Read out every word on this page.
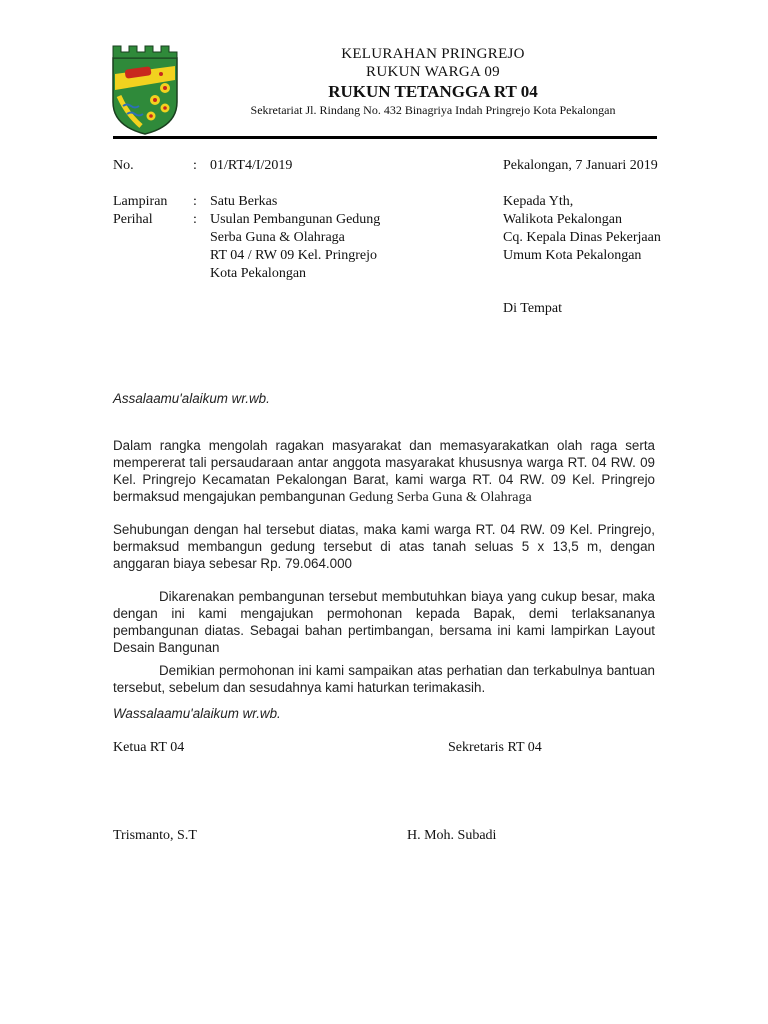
KELURAHAN PRINGREJO
RUKUN WARGA 09
RUKUN TETANGGA RT 04
Sekretariat Jl. Rindang No. 432 Binagriya Indah Pringrejo Kota Pekalongan
No.	: 01/RT4/I/2019	Pekalongan, 7 Januari 2019
Lampiran : Satu Berkas
Perihal	: Usulan Pembangunan Gedung
Serba Guna & Olahraga
RT 04 / RW 09 Kel. Pringrejo
Kota Pekalongan
Kepada Yth,
Walikota Pekalongan
Cq. Kepala Dinas Pekerjaan
Umum Kota Pekalongan
Di Tempat
Assalaamu'alaikum wr.wb.
Dalam rangka mengolah ragakan masyarakat dan memasyarakatkan olah raga serta mempererat tali persaudaraan antar anggota masyarakat khususnya warga RT. 04 RW. 09 Kel. Pringrejo Kecamatan Pekalongan Barat, kami warga RT. 04 RW. 09 Kel. Pringrejo bermaksud mengajukan pembangunan Gedung Serba Guna & Olahraga
Sehubungan dengan hal tersebut diatas, maka kami warga RT. 04 RW. 09 Kel. Pringrejo, bermaksud membangun gedung tersebut di atas tanah seluas 5 x 13,5 m, dengan anggaran biaya sebesar Rp. 79.064.000
Dikarenakan pembangunan tersebut membutuhkan biaya yang cukup besar, maka dengan ini kami mengajukan permohonan kepada Bapak, demi terlaksananya pembangunan diatas. Sebagai bahan pertimbangan, bersama ini kami lampirkan Layout Desain Bangunan
Demikian permohonan ini kami sampaikan atas perhatian dan terkabulnya bantuan tersebut, sebelum dan sesudahnya kami haturkan terimakasih.
Wassalaamu'alaikum wr.wb.
Ketua RT 04	Sekretaris RT 04
Trismanto, S.T	H. Moh. Subadi
